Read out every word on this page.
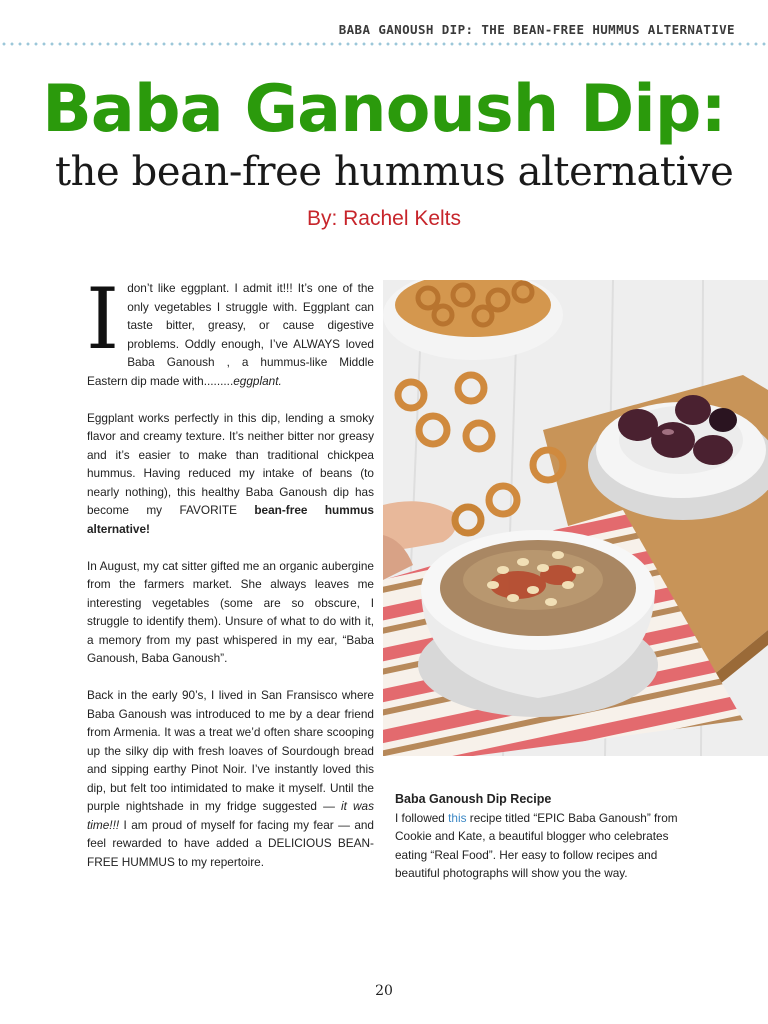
BABA GANOUSH DIP: THE BEAN-FREE HUMMUS ALTERNATIVE
Baba Ganoush Dip:
the bean-free hummus alternative
By: Rachel Kelts

I don’t like eggplant. I admit it!!! It’s one of the only vegetables I struggle with. Eggplant can taste bitter, greasy, or cause digestive problems. Oddly enough, I’ve ALWAYS loved Baba Ganoush , a hummus-like Middle Eastern dip made with.........eggplant.

Eggplant works perfectly in this dip, lending a smoky flavor and creamy texture. It’s neither bitter nor greasy and it’s easier to make than traditional chickpea hummus. Having reduced my intake of beans (to nearly nothing), this healthy Baba Ganoush dip has become my FAVORITE bean-free hummus alternative!

In August, my cat sitter gifted me an organic aubergine from the farmers market. She always leaves me interesting vegetables (some are so obscure, I struggle to identify them). Unsure of what to do with it, a memory from my past whispered in my ear, “Baba Ganoush, Baba Ganoush”.

Back in the early 90’s, I lived in San Fransisco where Baba Ganoush was introduced to me by a dear friend from Armenia. It was a treat we’d often share scooping up the silky dip with fresh loaves of Sourdough bread and sipping earthy Pinot Noir. I’ve instantly loved this dip, but felt too intimidated to make it myself. Until the purple nightshade in my fridge suggested — it was time!!! I am proud of myself for facing my fear — and feel rewarded to have added a DELICIOUS BEAN-FREE HUMMUS to my repertoire.

Baba Ganoush Dip Recipe

I followed this recipe titled “EPIC Baba Ganoush” from Cookie and Kate, a beautiful blogger who celebrates eating “Real Food”. Her easy to follow recipes and beautiful photographs will show you the way.

20
